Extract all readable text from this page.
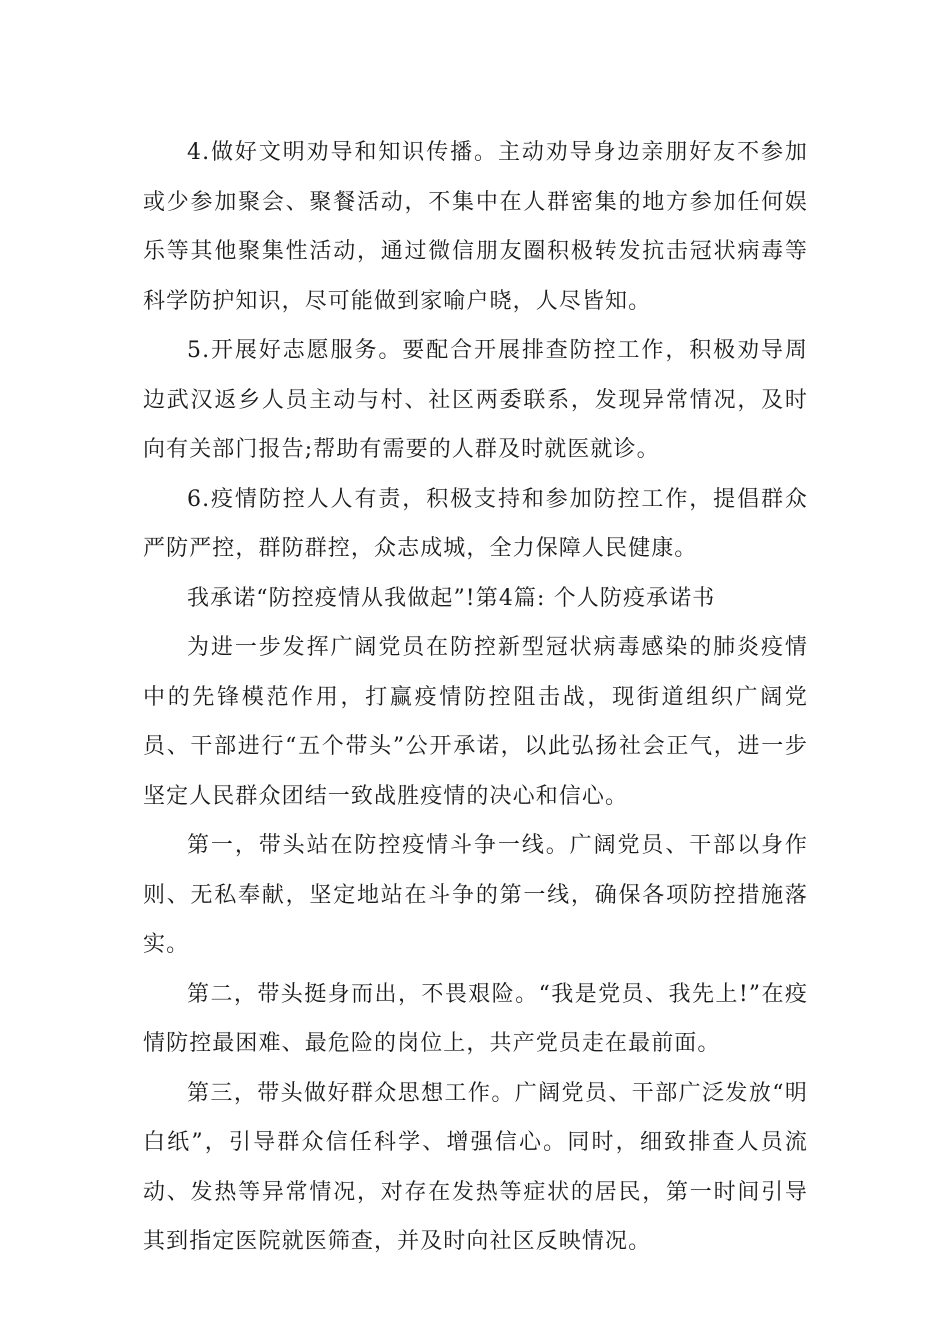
4.做好文明劝导和知识传播。主动劝导身边亲朋好友不参加或少参加聚会、聚餐活动，不集中在人群密集的地方参加任何娱乐等其他聚集性活动，通过微信朋友圈积极转发抗击冠状病毒等科学防护知识，尽可能做到家喻户晓，人尽皆知。

5.开展好志愿服务。要配合开展排查防控工作，积极劝导周边武汉返乡人员主动与村、社区两委联系，发现异常情况，及时向有关部门报告;帮助有需要的人群及时就医就诊。

6.疫情防控人人有责，积极支持和参加防控工作，提倡群众严防严控，群防群控，众志成城，全力保障人民健康。

我承诺“防控疫情从我做起”!第4篇: 个人防疫承诺书

为进一步发挥广阔党员在防控新型冠状病毒感染的肺炎疫情中的先锋模范作用，打赢疫情防控阻击战，现街道组织广阔党员、干部进行“五个带头”公开承诺，以此弘扬社会正气，进一步坚定人民群众团结一致战胜疫情的决心和信心。

第一，带头站在防控疫情斗争一线。广阔党员、干部以身作则、无私奉献，坚定地站在斗争的第一线，确保各项防控措施落实。

第二，带头挺身而出，不畏艰险。“我是党员、我先上!”在疫情防控最困难、最危险的岗位上，共产党员走在最前面。

第三，带头做好群众思想工作。广阔党员、干部广泛发放“明白纸”，引导群众信任科学、增强信心。同时，细致排查人员流动、发热等异常情况，对存在发热等症状的居民，第一时间引导其到指定医院就医筛查，并及时向社区反映情况。
